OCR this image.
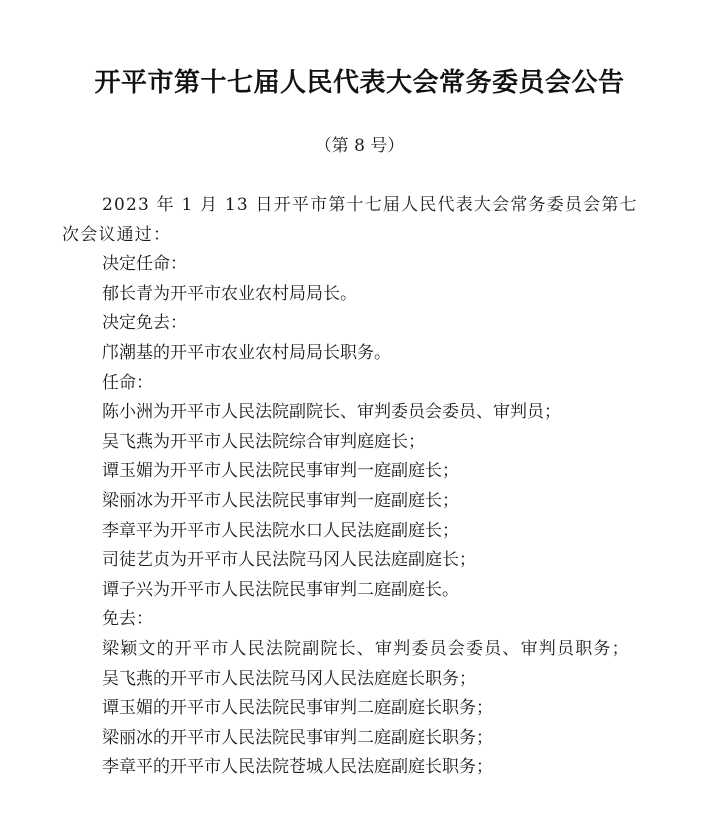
开平市第十七届人民代表大会常务委员会公告
（第 8 号）

2023 年 1 月 13 日开平市第十七届人民代表大会常务委员会第七次会议通过：

决定任命：

郁长青为开平市农业农村局局长。

决定免去：

邝潮基的开平市农业农村局局长职务。

任命：

陈小洲为开平市人民法院副院长、审判委员会委员、审判员；

吴飞燕为开平市人民法院综合审判庭庭长；

谭玉媚为开平市人民法院民事审判一庭副庭长；

梁丽冰为开平市人民法院民事审判一庭副庭长；

李章平为开平市人民法院水口人民法庭副庭长；

司徒艺贞为开平市人民法院马冈人民法庭副庭长；

谭子兴为开平市人民法院民事审判二庭副庭长。

免去：

梁颖文的开平市人民法院副院长、审判委员会委员、审判员职务；

吴飞燕的开平市人民法院马冈人民法庭庭长职务；

谭玉媚的开平市人民法院民事审判二庭副庭长职务；

梁丽冰的开平市人民法院民事审判二庭副庭长职务；

李章平的开平市人民法院苍城人民法庭副庭长职务；
